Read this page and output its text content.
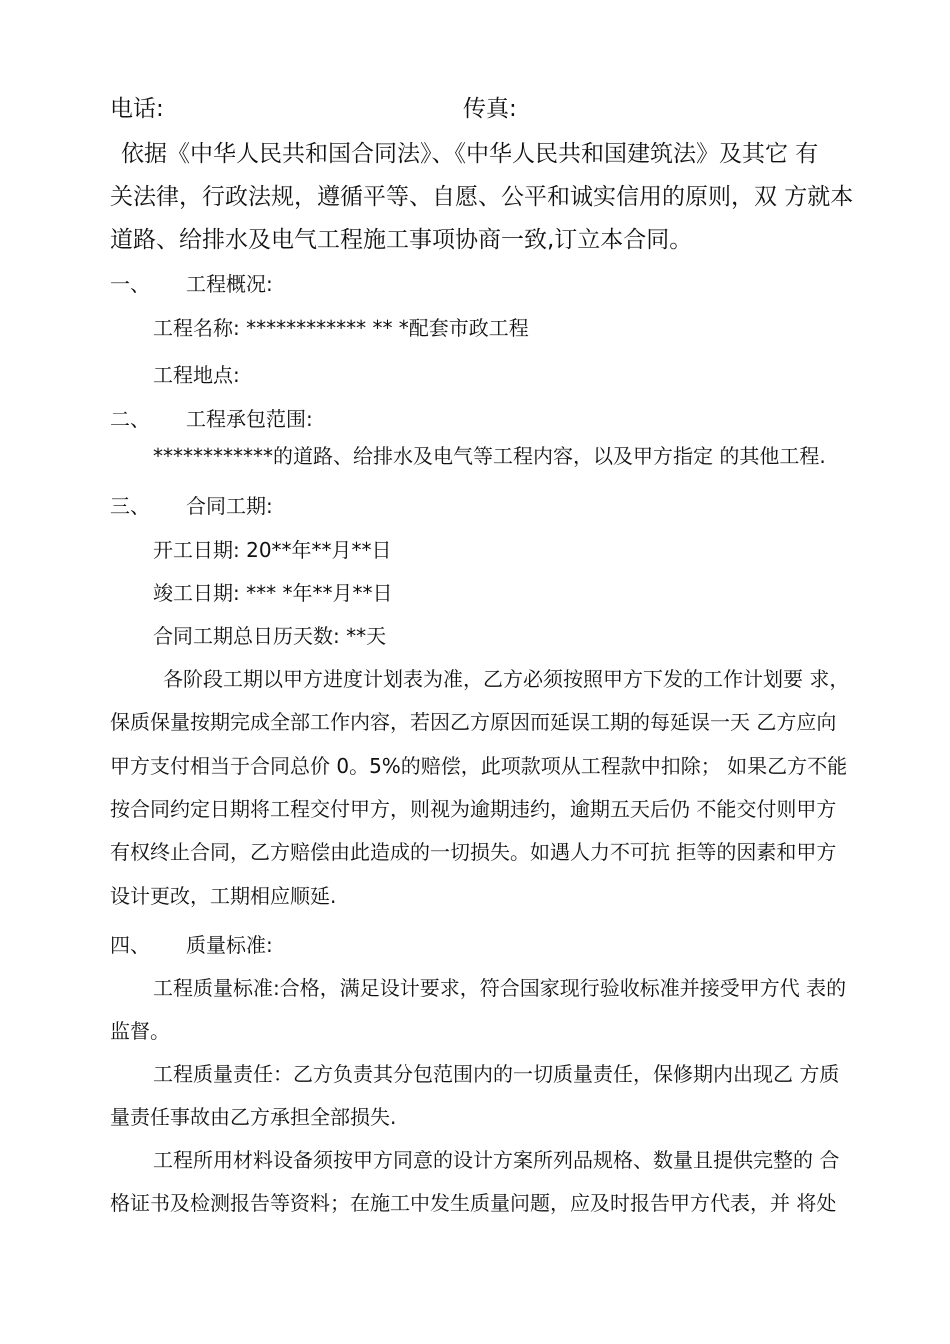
电话:	传真:
依据《中华人民共和国合同法》、《中华人民共和国建筑法》及其它 有
关法律，行政法规，遵循平等、自愿、公平和诚实信用的原则，双 方就本
道路、给排水及电气工程施工事项协商一致,订立本合同。
一、 工程概况:
工程名称: ************ ** *配套市政工程
工程地点:
二、 工程承包范围:
************的道路、给排水及电气等工程内容，以及甲方指定 的其他工程.
三、 合同工期:
开工日期: 20**年**月**日
竣工日期: *** *年**月**日
合同工期总日历天数: **天
各阶段工期以甲方进度计划表为准，乙方必须按照甲方下发的工作计划要 求，
保质保量按期完成全部工作内容，若因乙方原因而延误工期的每延误一天 乙方应向
甲方支付相当于合同总价 0。5%的赔偿，此项款项从工程款中扣除； 如果乙方不能
按合同约定日期将工程交付甲方，则视为逾期违约，逾期五天后仍 不能交付则甲方
有权终止合同，乙方赔偿由此造成的一切损失。如遇人力不可抗 拒等的因素和甲方
设计更改，工期相应顺延.
四、 质量标准:
工程质量标准:合格，满足设计要求，符合国家现行验收标准并接受甲方代 表的
监督。
工程质量责任：乙方负责其分包范围内的一切质量责任，保修期内出现乙 方质
量责任事故由乙方承担全部损失.
工程所用材料设备须按甲方同意的设计方案所列品规格、数量且提供完整的 合
格证书及检测报告等资料；在施工中发生质量问题，应及时报告甲方代表，并 将处
